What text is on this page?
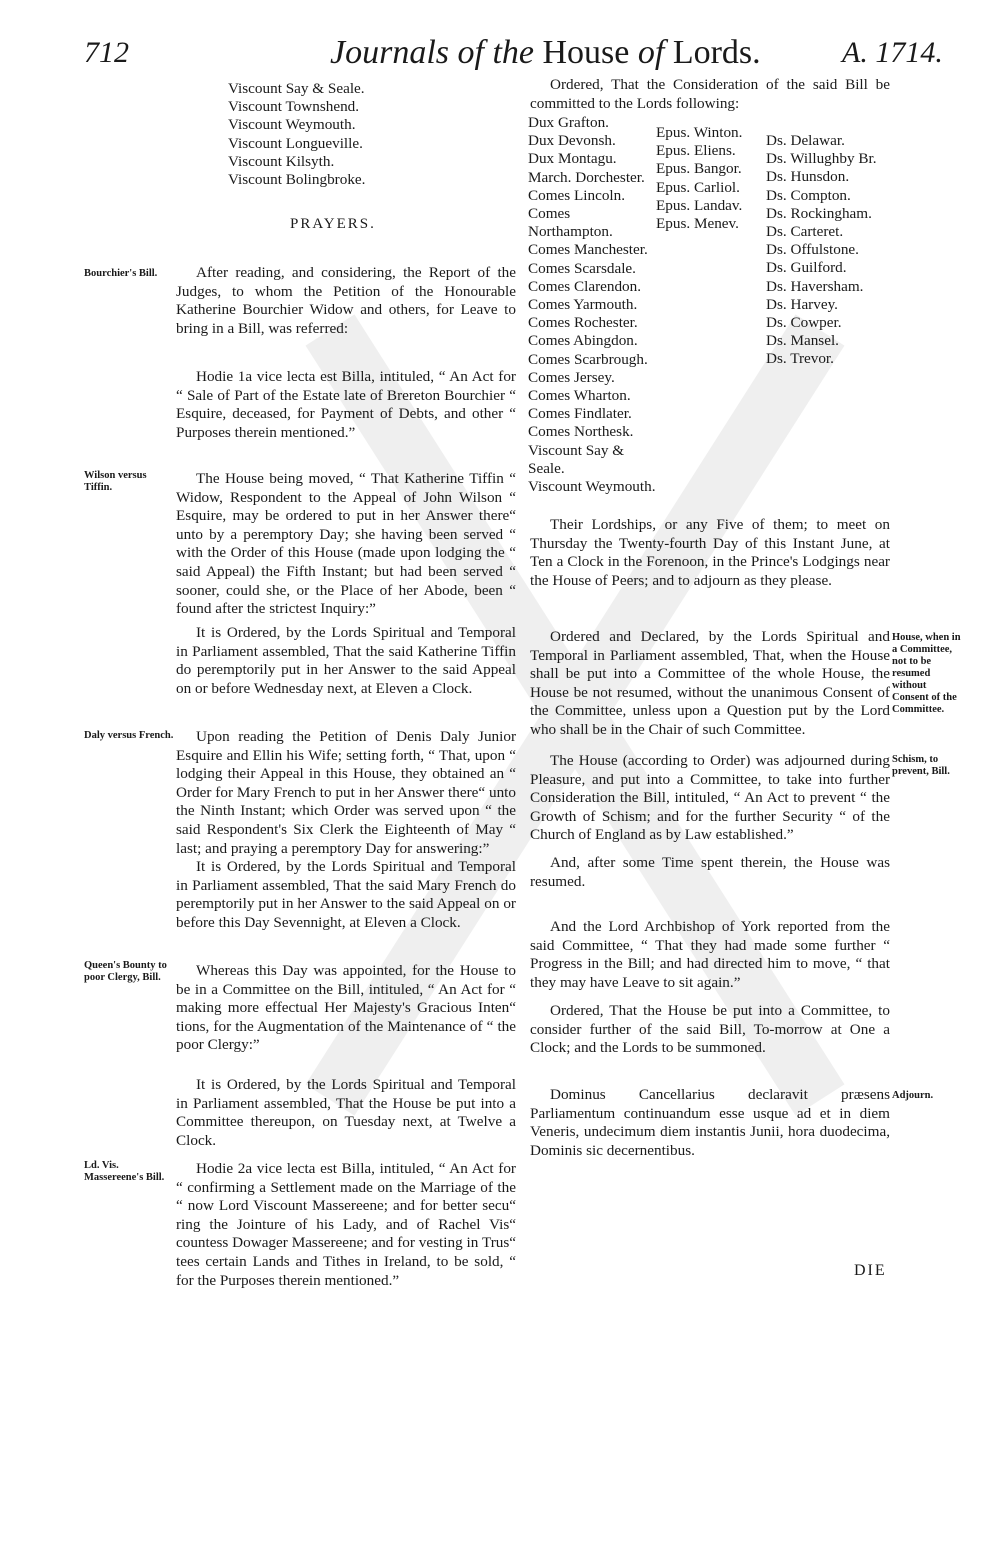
712	Journals of the House of Lords.	A. 1714.
Viscount Say & Seale.
Viscount Townshend.
Viscount Weymouth.
Viscount Longueville.
Viscount Kilsyth.
Viscount Bolingbroke.
PRAYERS.
Bourchier's Bill.
Wilson versus Tiffin.
Daly versus French.
Queen's Bounty to poor Clergy, Bill.
Ld. Vis. Massereene's Bill.

After reading, and considering, the Report of the Judges, to whom the Petition of the Honourable Katherine Bourchier Widow and others, for Leave to bring in a Bill, was referred:

Hodie 1a vice lecta est Billa, intituled, “ An Act for “ Sale of Part of the Estate late of Brereton Bourchier “ Esquire, deceased, for Payment of Debts, and other “ Purposes therein mentioned.”

The House being moved, “ That Katherine Tiffin “ Widow, Respondent to the Appeal of John Wilson “ Esquire, may be ordered to put in her Answer there“ unto by a peremptory Day; she having been served “ with the Order of this House (made upon lodging the “ said Appeal) the Fifth Instant; but had been served “ sooner, could she, or the Place of her Abode, been “ found after the strictest Inquiry:”

It is Ordered, by the Lords Spiritual and Temporal in Parliament assembled, That the said Katherine Tiffin do peremptorily put in her Answer to the said Appeal on or before Wednesday next, at Eleven a Clock.

Upon reading the Petition of Denis Daly Junior Esquire and Ellin his Wife; setting forth, “ That, upon “ lodging their Appeal in this House, they obtained an “ Order for Mary French to put in her Answer there“ unto the Ninth Instant; which Order was served upon “ the said Respondent's Six Clerk the Eighteenth of May “ last; and praying a peremptory Day for answering:”

It is Ordered, by the Lords Spiritual and Temporal in Parliament assembled, That the said Mary French do peremptorily put in her Answer to the said Appeal on or before this Day Sevennight, at Eleven a Clock.

Whereas this Day was appointed, for the House to be in a Committee on the Bill, intituled, “ An Act for “ making more effectual Her Majesty's Gracious Inten“ tions, for the Augmentation of the Maintenance of “ the poor Clergy:”

It is Ordered, by the Lords Spiritual and Temporal in Parliament assembled, That the House be put into a Committee thereupon, on Tuesday next, at Twelve a Clock.

Hodie 2a vice lecta est Billa, intituled, “ An Act for “ confirming a Settlement made on the Marriage of the “ now Lord Viscount Massereene; and for better secu“ ring the Jointure of his Lady, and of Rachel Vis“ countess Dowager Massereene; and for vesting in Trus“ tees certain Lands and Tithes in Ireland, to be sold, “ for the Purposes therein mentioned.”

Ordered, That the Consideration of the said Bill be committed to the Lords following:

Dux Grafton.
Dux Devonsh.
Dux Montagu.
March. Dorchester.
Comes Lincoln.
Comes Northampton.
Comes Manchester.
Comes Scarsdale.
Comes Clarendon.
Comes Yarmouth.
Comes Rochester.
Comes Abingdon.
Comes Scarbrough.
Comes Jersey.
Comes Wharton.
Comes Findlater.
Comes Northesk.
Viscount Say & Seale.
Viscount Weymouth.
Epus. Winton.
Epus. Eliens.
Epus. Bangor.
Epus. Carliol.
Epus. Landav.
Epus. Menev.
Ds. Delawar.
Ds. Willughby Br.
Ds. Hunsdon.
Ds. Compton.
Ds. Rockingham.
Ds. Carteret.
Ds. Offulstone.
Ds. Guilford.
Ds. Haversham.
Ds. Harvey.
Ds. Cowper.
Ds. Mansel.
Ds. Trevor.

Their Lordships, or any Five of them; to meet on Thursday the Twenty-fourth Day of this Instant June, at Ten a Clock in the Forenoon, in the Prince's Lodgings near the House of Peers; and to adjourn as they please.

House, when in a Committee, not to be resumed without Consent of the Committee.

Ordered and Declared, by the Lords Spiritual and Temporal in Parliament assembled, That, when the House shall be put into a Committee of the whole House, the House be not resumed, without the unanimous Consent of the Committee, unless upon a Question put by the Lord who shall be in the Chair of such Committee.

Schism, to prevent, Bill.

The House (according to Order) was adjourned during Pleasure, and put into a Committee, to take into further Consideration the Bill, intituled, “ An Act to prevent “ the Growth of Schism; and for the further Security “ of the Church of England as by Law established.”

And, after some Time spent therein, the House was resumed.

And the Lord Archbishop of York reported from the said Committee, “ That they had made some further “ Progress in the Bill; and had directed him to move, “ that they may have Leave to sit again.”

Ordered, That the House be put into a Committee, to consider further of the said Bill, To-morrow at One a Clock; and the Lords to be summoned.

Adjourn.

Dominus Cancellarius declaravit præsens Parliamentum continuandum esse usque ad et in diem Veneris, undecimum diem instantis Junii, hora duodecima, Dominis sic decernentibus.

DIE
